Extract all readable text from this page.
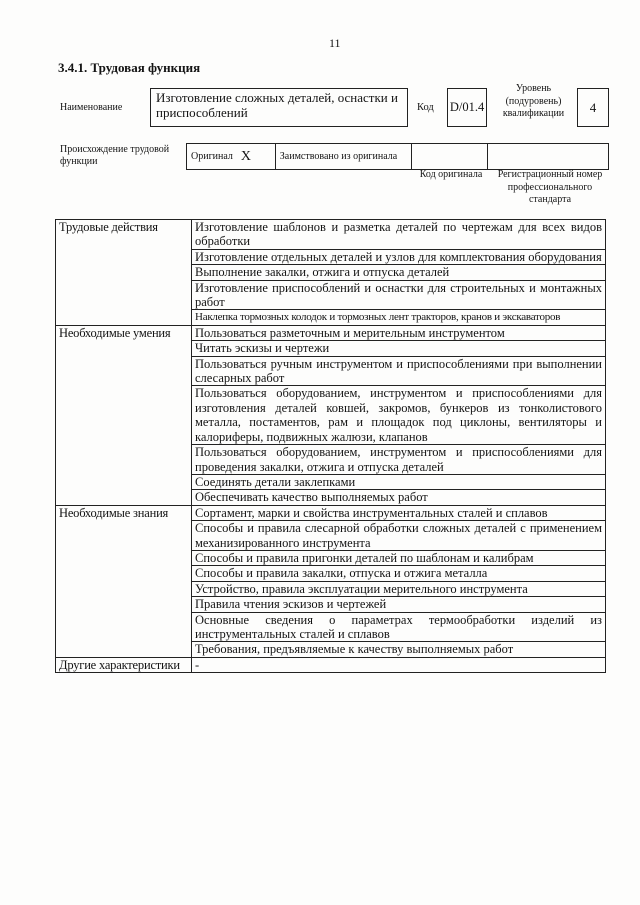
11
3.4.1. Трудовая функция
Наименование
Изготовление сложных деталей, оснастки и приспособлений	Код D/01.4
Уровень (подуровень) квалификации	4
Происхождение трудовой функции	Оригинал X	Заимствовано из оригинала
Код оригинала	Регистрационный номер профессионального стандарта
Трудовые действия	Изготовление шаблонов и разметка деталей по чертежам для всех видов обработки
	Изготовление отдельных деталей и узлов для комплектования оборудования
	Выполнение закалки, отжига и отпуска деталей
	Изготовление приспособлений и оснастки для строительных и монтажных работ
	Наклепка тормозных колодок и тормозных лент тракторов, кранов и экскаваторов
Необходимые умения	Пользоваться разметочным и мерительным инструментом
	Читать эскизы и чертежи
	Пользоваться ручным инструментом и приспособлениями при выполнении слесарных работ
	Пользоваться оборудованием, инструментом и приспособлениями для изготовления деталей ковшей, закромов, бункеров из тонколистового металла, постаментов, рам и площадок под циклоны, вентиляторы и калориферы, подвижных жалюзи, клапанов
	Пользоваться оборудованием, инструментом и приспособлениями для проведения закалки, отжига и отпуска деталей
	Соединять детали заклепками
	Обеспечивать качество выполняемых работ
Необходимые знания	Сортамент, марки и свойства инструментальных сталей и сплавов
	Способы и правила слесарной обработки сложных деталей с применением механизированного инструмента
	Способы и правила пригонки деталей по шаблонам и калибрам
	Способы и правила закалки, отпуска и отжига металла
	Устройство, правила эксплуатации мерительного инструмента
	Правила чтения эскизов и чертежей
	Основные сведения о параметрах термообработки изделий из инструментальных сталей и сплавов
	Требования, предъявляемые к качеству выполняемых работ
Другие характеристики	-
